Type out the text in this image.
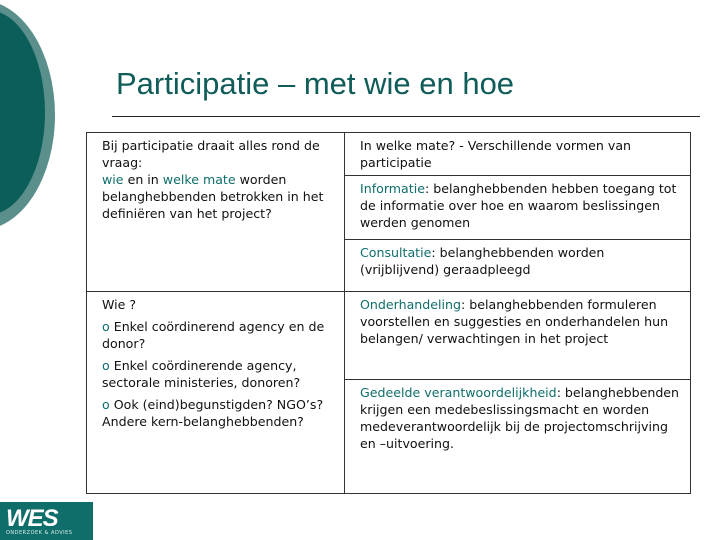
Participatie – met wie en hoe
Bij participatie draait alles rond de vraag:
wie en in welke mate worden belanghebbenden betrokken in het definiëren van het project?	In welke mate? - Verschillende vormen van participatie
	Informatie: belanghebbenden hebben toegang tot de informatie over hoe en waarom beslissingen werden genomen
	Consultatie: belanghebbenden worden (vrijblijvend) geraadpleegd

Wie ?
o Enkel coördinerend agency en de donor?
o Enkel coördinerende agency, sectorale ministeries, donoren?
o Ook (eind)begunstigden? NGO’s? Andere kern-belanghebbenden?	Onderhandeling: belanghebbenden formuleren voorstellen en suggesties en onderhandelen hun belangen/ verwachtingen in het project
	Gedeelde verantwoordelijkheid: belanghebbenden krijgen een medebeslissingsmacht en worden medeverantwoordelijk bij de projectomschrijving en –uitvoering.
WES
ONDERZOEK & ADVIES
